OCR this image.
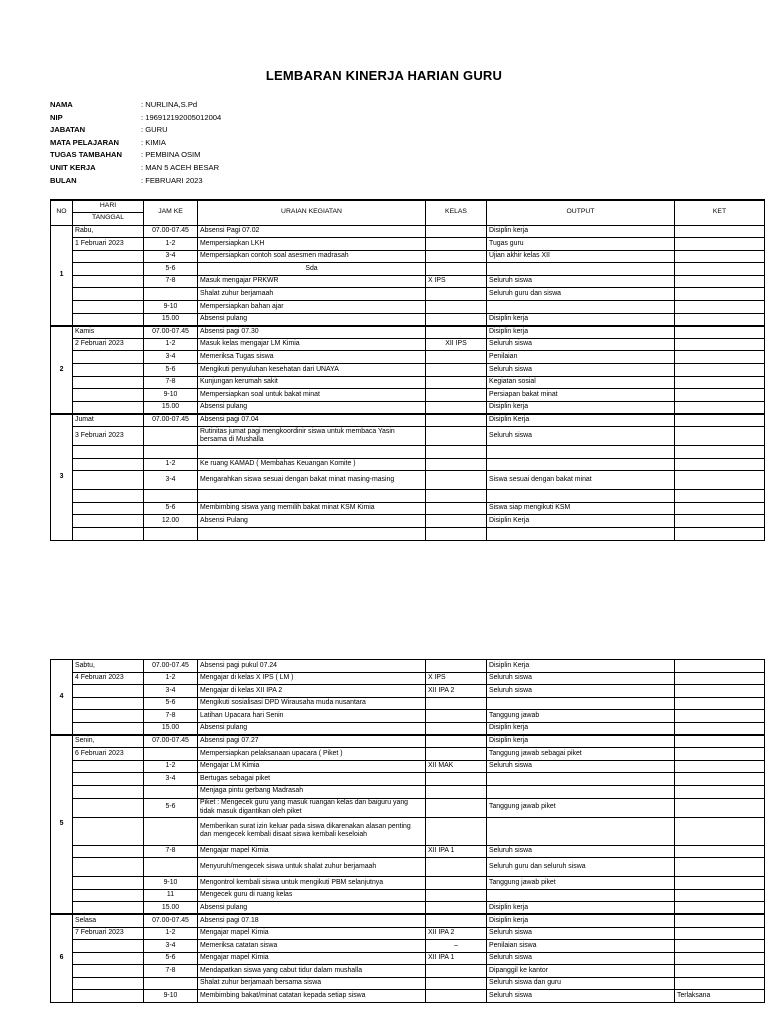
LEMBARAN KINERJA HARIAN GURU
NAMA	: NURLINA,S.Pd
NIP	: 196912192005012004
JABATAN	: GURU
MATA PELAJARAN	: KIMIA
TUGAS TAMBAHAN	: PEMBINA OSIM
UNIT KERJA	: MAN 5 ACEH BESAR
BULAN	: FEBRUARI 2023
NO	HARI	JAM KE	URAIAN KEGIATAN	KELAS	OUTPUT	KET
	TANGGAL					
1	Rabu,	07.00-07.45	Absensi Pagi 07.02		Disiplin kerja	
	1 Februari 2023	1-2	Mempersiapkan LKH		Tugas guru	
		3-4	Mempersiapkan contoh soal asesmen madrasah		Ujian akhir kelas XII	
		5-6	Sda			
		7-8	Masuk mengajar PRKWR	X IPS	Seluruh siswa	
			Shalat zuhur berjamaah		Seluruh guru dan siswa	
		9-10	Mempersiapkan bahan ajar			
		15.00	Absensi pulang		Disiplin kerja	
2	Kamis	07.00-07.45	Absensi pagi 07.30		Disiplin kerja	
	2 Februari 2023	1-2	Masuk kelas mengajar LM Kimia	XII IPS	Seluruh siswa	
		3-4	Memeriksa Tugas siswa		Penilaian	
		5-6	Mengikuti penyuluhan kesehatan dari UNAYA		Seluruh siswa	
		7-8	Kunjungan kerumah sakit		Kegiatan sosial	
		9-10	Mempersiapkan soal untuk bakat minat		Persiapan bakat minat	
		15.00	Absensi pulang		Disiplin kerja	
3	Jumat	07.00-07.45	Absensi pagi 07.04		Disiplin Kerja	
	3 Februari 2023		Rutinitas jumat pagi mengkoordinir siswa untuk membaca Yasin bersama di Mushalla		Seluruh siswa	

		1-2	Ke ruang KAMAD ( Membahas Keuangan Komite )			
		3-4	Mengarahkan siswa sesuai dengan bakat minat masing-masing		Siswa sesuai dengan bakat minat	

		5-6	Membimbing siswa yang memilih bakat minat KSM Kimia		Siswa siap mengikuti KSM	
		12.00	Absensi Pulang		Disiplin Kerja	

4	Sabtu,	07.00-07.45	Absensi pagi pukul 07.24		Disiplin Kerja	
	4 Februari 2023	1-2	Mengajar di kelas X IPS ( LM )	X IPS	Seluruh siswa	
		3-4	Mengajar di kelas XII IPA 2	XII IPA 2	Seluruh siswa	
		5-6	Mengikuti sosialisasi DPD Wirausaha muda nusantara			
		7-8	Latihan Upacara hari Senin		Tanggung jawab	
		15.00	Absensi pulang		Disiplin kerja	
5	Senin,	07.00-07.45	Absensi pagi 07.27		Disiplin kerja	
	6 Februari 2023		Mempersiapkan pelaksanaan upacara ( Piket )		Tanggung jawab sebagai piket	
		1-2	Mengajar LM Kimia	XII MAK	Seluruh siswa	
		3-4	Bertugas sebagai piket			
			Menjaga pintu gerbang Madrasah			
		5-6	Piket : Mengecek guru yang masuk ruangan kelas dan baiguru yang tidak masuk digantikan oleh piket		Tanggung jawab piket	
			Memberikan surat izin keluar pada siswa dikarenakan alasan penting dan mengecek kembali disaat siswa kembali keseloiah			
		7-8	Mengajar mapel Kimia	XII IPA 1	Seluruh siswa	
			Menyuruh/mengecek siswa untuk shalat zuhur berjamaah		Seluruh guru dan seluruh siswa	
		9-10	Mengontrol kembali siswa untuk mengikuti PBM selanjutnya		Tanggung jawab piket	
		11	Mengecek guru di ruang kelas			
		15.00	Absensi pulang		Disiplin kerja	
6	Selasa	07.00-07.45	Absensi pagi 07.18		Disiplin kerja	
	7 Februari 2023	1-2	Mengajar mapel Kimia	XII IPA 2	Seluruh siswa	
		3-4	Memeriksa catatan siswa	–	Penilaian siswa	
		5-6	Mengajar mapel Kimia	XII IPA 1	Seluruh siswa	
		7-8	Mendapatkan siswa yang cabut tidur dalam mushalla		Dipanggil ke kantor	
			Shalat zuhur berjamaah bersama siswa		Seluruh siswa dan guru	
		9-10	Membimbing bakat/minat catatan kepada setiap siswa		Seluruh siswa	Terlaksana
